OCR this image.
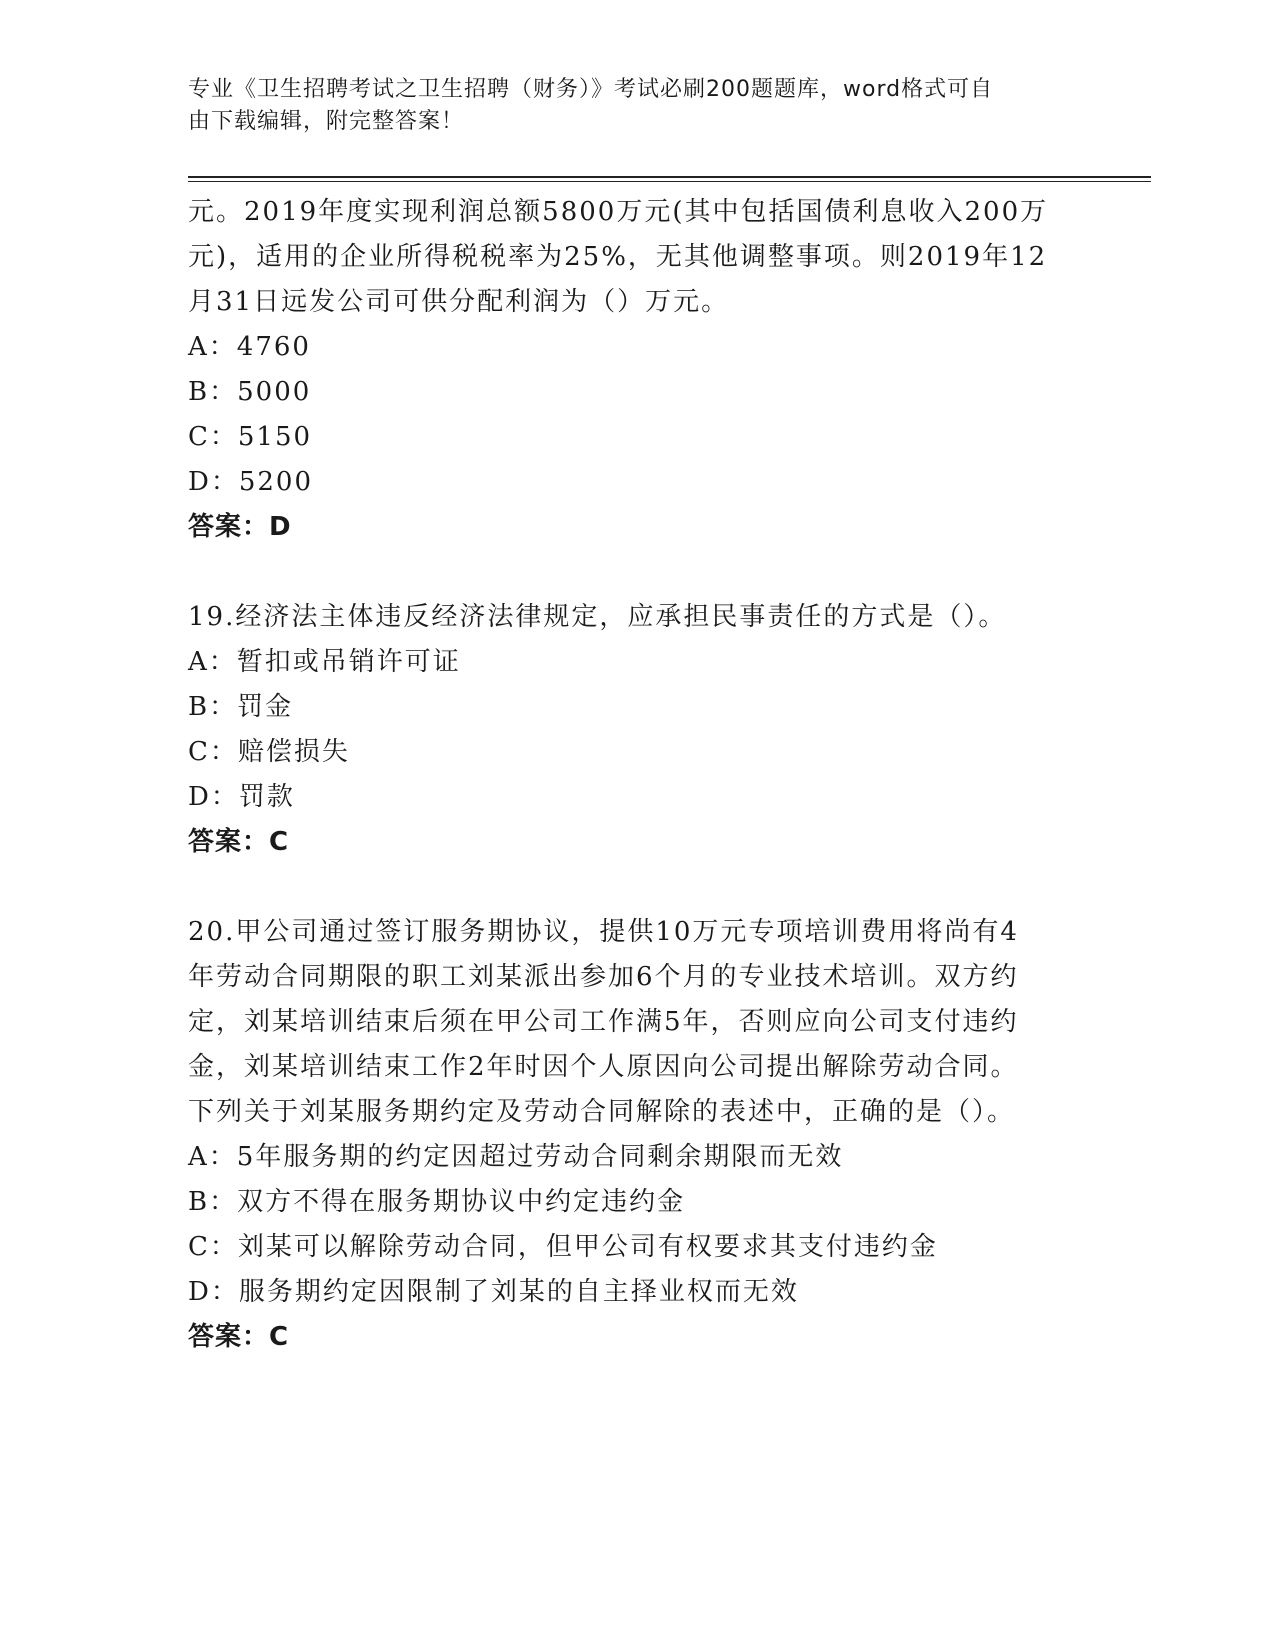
专业《卫生招聘考试之卫生招聘（财务）》考试必刷200题题库，word格式可自
由下载编辑，附完整答案！
元。2019年度实现利润总额5800万元(其中包括国债利息收入200万
元)，适用的企业所得税税率为25%，无其他调整事项。则2019年12
月31日远发公司可供分配利润为（）万元。
A：4760
B：5000
C：5150
D：5200
答案：D
19.经济法主体违反经济法律规定，应承担民事责任的方式是（）。
A：暂扣或吊销许可证
B：罚金
C：赔偿损失
D：罚款
答案：C
20.甲公司通过签订服务期协议，提供10万元专项培训费用将尚有4
年劳动合同期限的职工刘某派出参加6个月的专业技术培训。双方约
定，刘某培训结束后须在甲公司工作满5年，否则应向公司支付违约
金，刘某培训结束工作2年时因个人原因向公司提出解除劳动合同。
下列关于刘某服务期约定及劳动合同解除的表述中，正确的是（）。
A：5年服务期的约定因超过劳动合同剩余期限而无效
B：双方不得在服务期协议中约定违约金
C：刘某可以解除劳动合同，但甲公司有权要求其支付违约金
D：服务期约定因限制了刘某的自主择业权而无效
答案：C
